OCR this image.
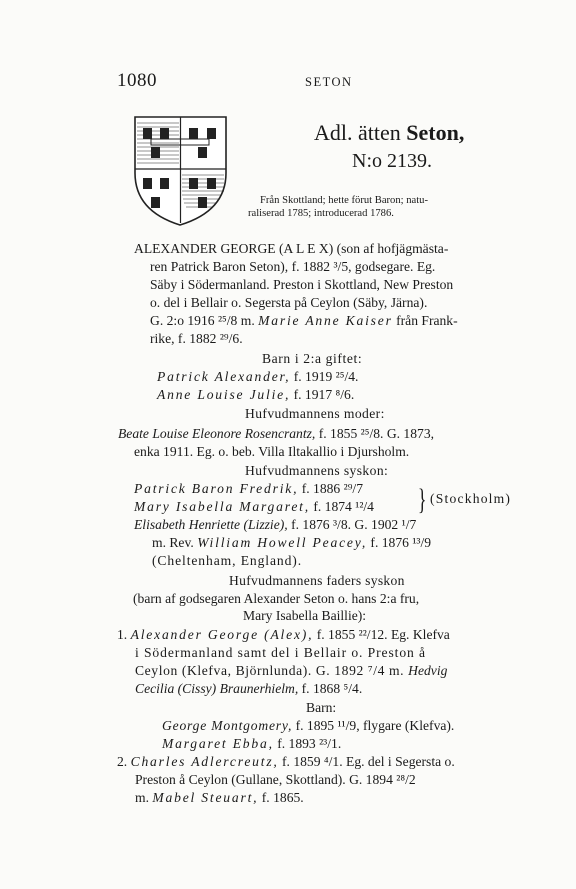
1080	SETON
Adl. ätten Seton,
N:o 2139.
Från Skottland; hette förut Baron; natu-
raliserad 1785; introducerad 1786.
ALEXANDER GEORGE (A L E X) (son af hofjägmästa-
ren Patrick Baron Seton), f. 1882 ³/5, godsegare. Eg.
Säby i Södermanland. Preston i Skottland, New Preston
o. del i Bellair o. Segersta på Ceylon (Säby, Järna).
G. 2:o 1916 ²⁵/8 m. Marie Anne Kaiser från Frank-
rike, f. 1882 ²⁹/6.
Barn i 2:a giftet:
Patrick Alexander, f. 1919 ²⁵/4.
Anne Louise Julie, f. 1917 ⁸/6.
Hufvudmannens moder:
Beate Louise Eleonore Rosencrantz, f. 1855 ²⁵/8. G. 1873,
enka 1911. Eg. o. beb. Villa Iltakallio i Djursholm.
Hufvudmannens syskon:
Patrick Baron Fredrik, f. 1886 ²⁹/7
Mary Isabella Margaret, f. 1874 ¹²/4 } (Stockholm)
Elisabeth Henriette (Lizzie), f. 1876 ³/8. G. 1902 ¹/7
m. Rev. William Howell Peacey, f. 1876 ¹³/9
(Cheltenham, England).
Hufvudmannens faders syskon
(barn af godsegaren Alexander Seton o. hans 2:a fru,
Mary Isabella Baillie):
1. Alexander George (Alex), f. 1855 ²²/12. Eg. Klefva
i Södermanland samt del i Bellair o. Preston å
Ceylon (Klefva, Björnlunda). G. 1892 ⁷/4 m. Hedvig
Cecilia (Cissy) Braunerhielm, f. 1868 ⁵/4.
Barn:
George Montgomery, f. 1895 ¹¹/9, flygare (Klefva).
Margaret Ebba, f. 1893 ²³/1.
2. Charles Adlercreutz, f. 1859 ⁴/1. Eg. del i Segersta o.
Preston å Ceylon (Gullane, Skottland). G. 1894 ²⁸/2
m. Mabel Steuart, f. 1865.
